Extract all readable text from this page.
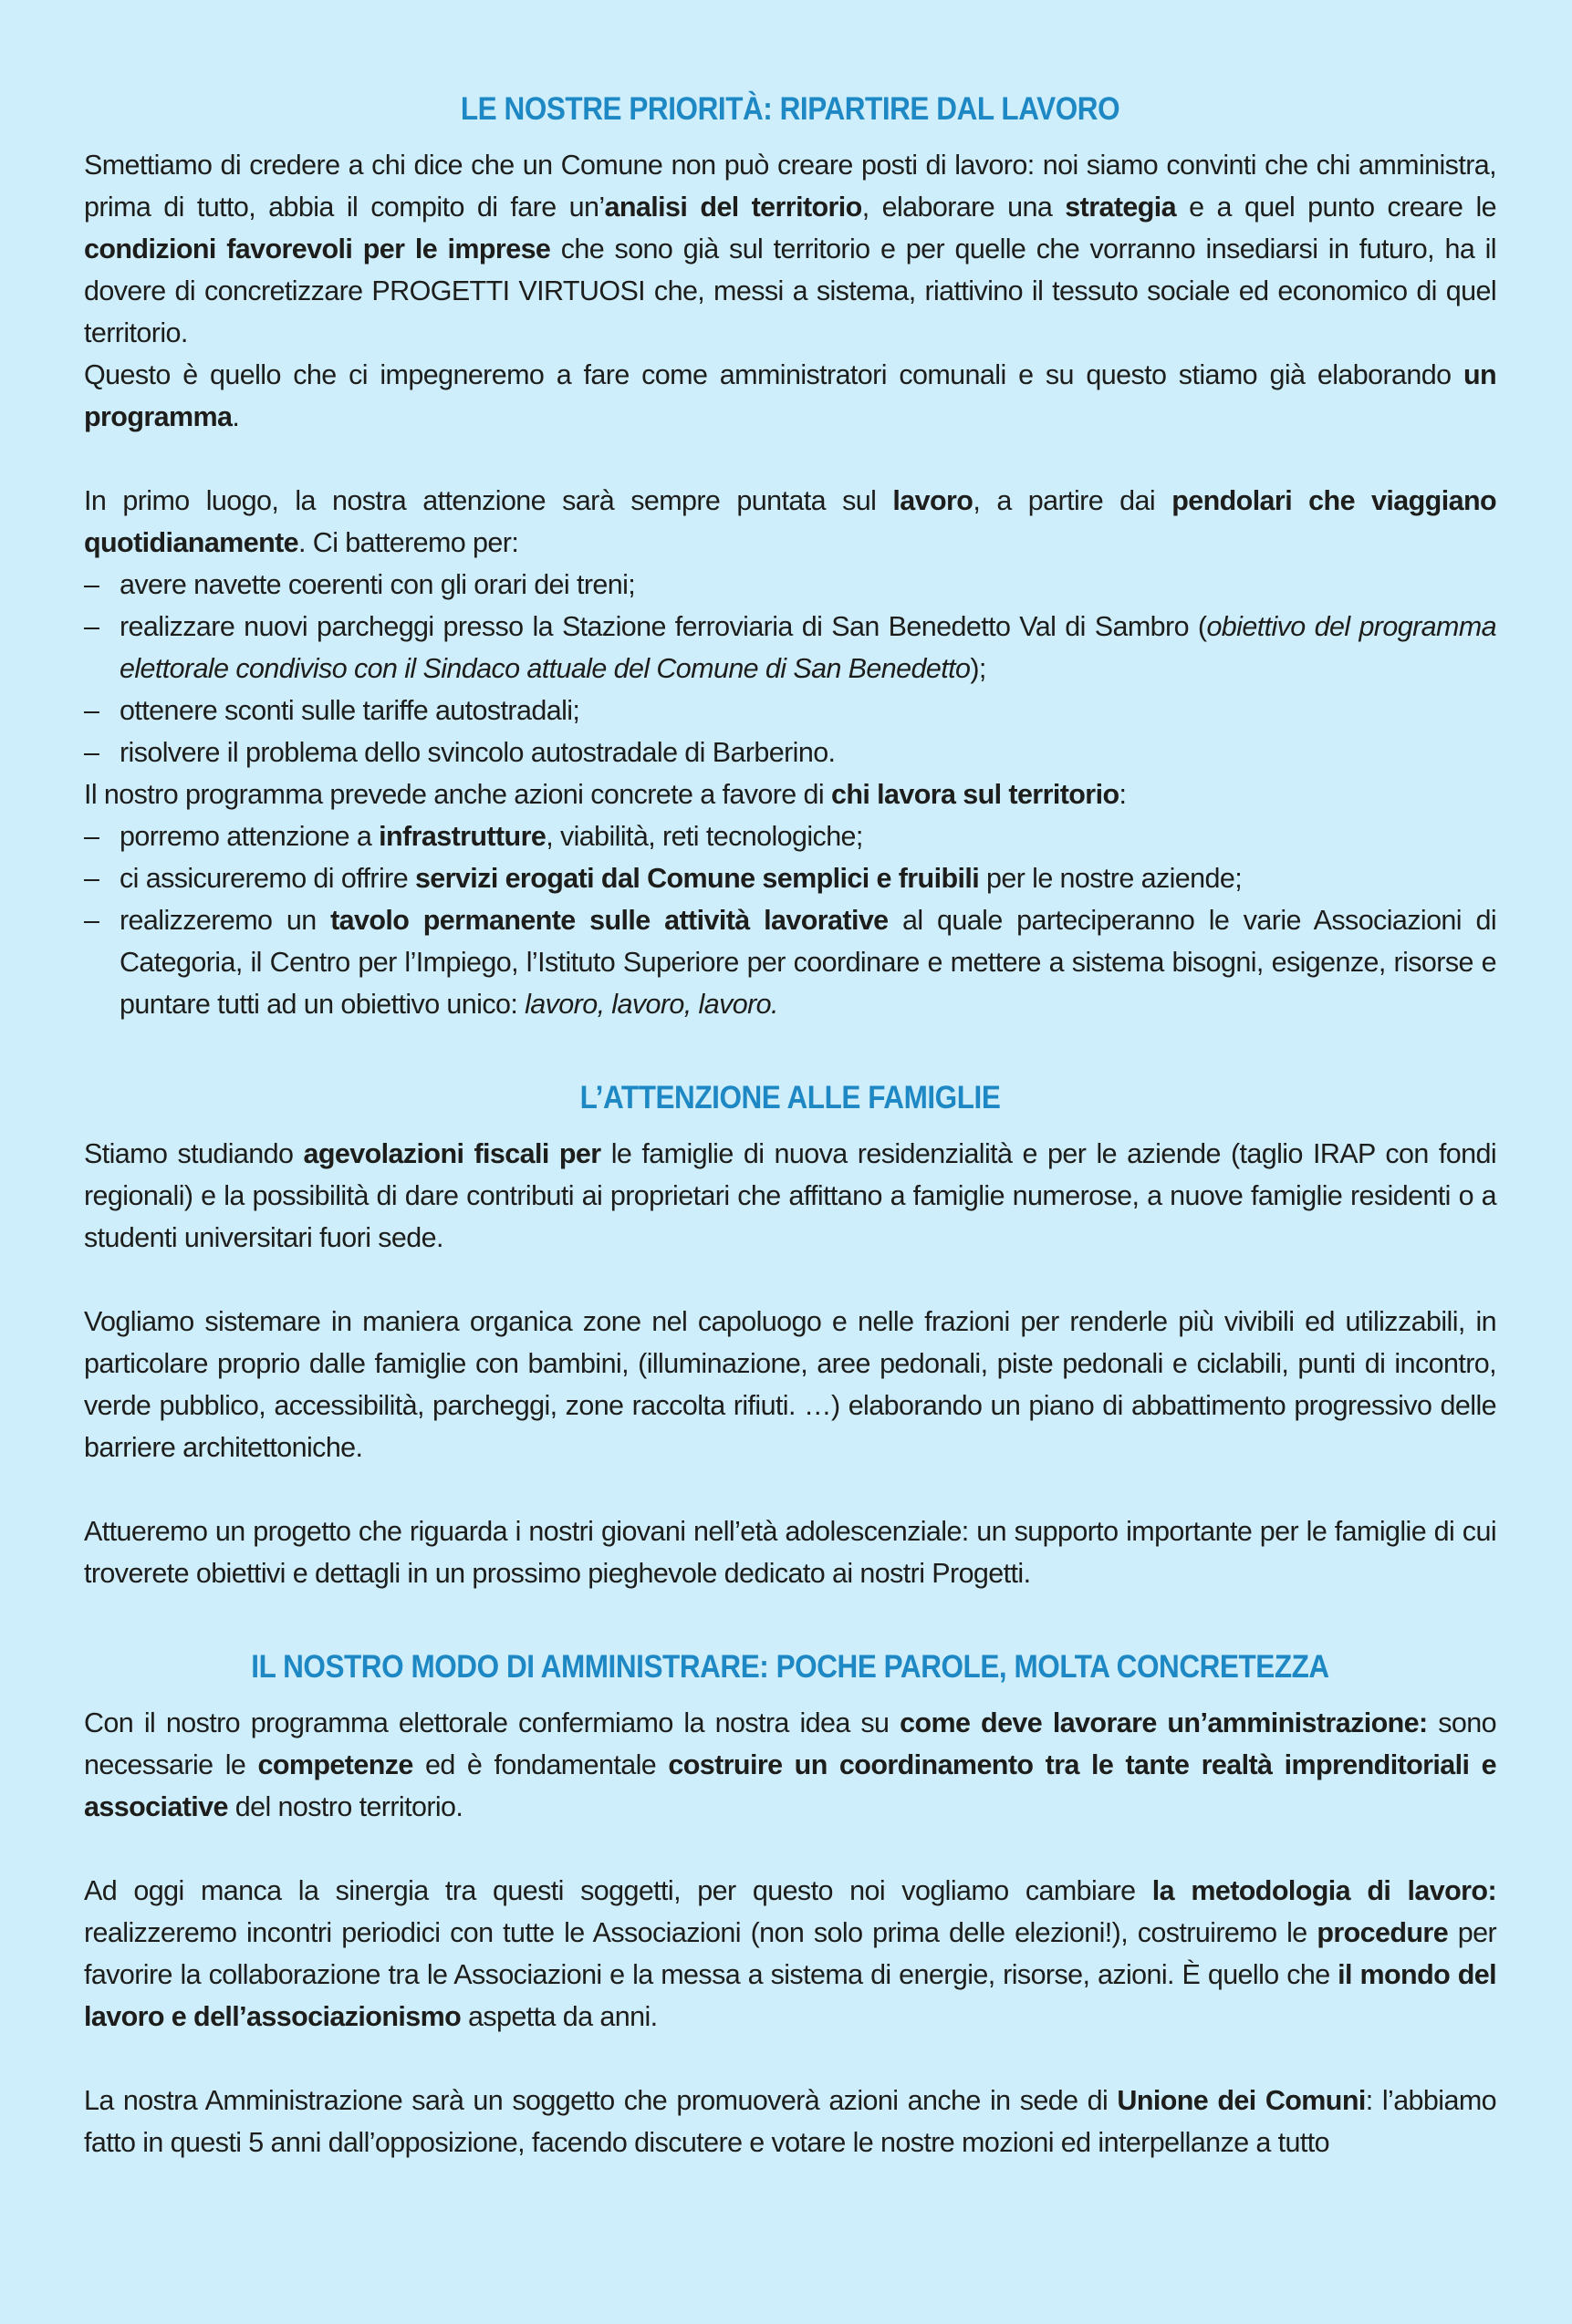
LE NOSTRE PRIORITÀ: RIPARTIRE DAL LAVORO

Smettiamo di credere a chi dice che un Comune non può creare posti di lavoro: noi siamo convinti che chi amministra, prima di tutto, abbia il compito di fare un’analisi del territorio, elaborare una strategia e a quel punto creare le condizioni favorevoli per le imprese che sono già sul territorio e per quelle che vorranno insediarsi in futuro, ha il dovere di concretizzare PROGETTI VIRTUOSI che, messi a sistema, riattivino il tessuto sociale ed economico di quel territorio.

Questo è quello che ci impegneremo a fare come amministratori comunali e su questo stiamo già elaborando un programma.

In primo luogo, la nostra attenzione sarà sempre puntata sul lavoro, a partire dai pendolari che viaggiano quotidianamente. Ci batteremo per:

– avere navette coerenti con gli orari dei treni;
– realizzare nuovi parcheggi presso la Stazione ferroviaria di San Benedetto Val di Sambro (obiettivo del programma elettorale condiviso con il Sindaco attuale del Comune di San Benedetto);
– ottenere sconti sulle tariffe autostradali;
– risolvere il problema dello svincolo autostradale di Barberino.

Il nostro programma prevede anche azioni concrete a favore di chi lavora sul territorio:

– porremo attenzione a infrastrutture, viabilità, reti tecnologiche;
– ci assicureremo di offrire servizi erogati dal Comune semplici e fruibili per le nostre aziende;
– realizzeremo un tavolo permanente sulle attività lavorative al quale parteciperanno le varie Associazioni di Categoria, il Centro per l’Impiego, l’Istituto Superiore per coordinare e mettere a sistema bisogni, esigenze, risorse e puntare tutti ad un obiettivo unico: lavoro, lavoro, lavoro.
L’ATTENZIONE ALLE FAMIGLIE

Stiamo studiando agevolazioni fiscali per le famiglie di nuova residenzialità e per le aziende (taglio IRAP con fondi regionali) e la possibilità di dare contributi ai proprietari che affittano a famiglie numerose, a nuove famiglie residenti o a studenti universitari fuori sede.

Vogliamo sistemare in maniera organica zone nel capoluogo e nelle frazioni per renderle più vivibili ed utilizzabili, in particolare proprio dalle famiglie con bambini, (illuminazione, aree pedonali, piste pedonali e ciclabili, punti di incontro, verde pubblico, accessibilità, parcheggi, zone raccolta rifiuti. …) elaborando un piano di abbattimento progressivo delle barriere architettoniche.

Attueremo un progetto che riguarda i nostri giovani nell’età adolescenziale: un supporto importante per le famiglie di cui troverete obiettivi e dettagli in un prossimo pieghevole dedicato ai nostri Progetti.

IL NOSTRO MODO DI AMMINISTRARE: POCHE PAROLE, MOLTA CONCRETEZZA

Con il nostro programma elettorale confermiamo la nostra idea su come deve lavorare un’amministrazione: sono necessarie le competenze ed è fondamentale costruire un coordinamento tra le tante realtà imprenditoriali e associative del nostro territorio.

Ad oggi manca la sinergia tra questi soggetti, per questo noi vogliamo cambiare la metodologia di lavoro: realizzeremo incontri periodici con tutte le Associazioni (non solo prima delle elezioni!), costruiremo le procedure per favorire la collaborazione tra le Associazioni e la messa a sistema di energie, risorse, azioni. È quello che il mondo del lavoro e dell’associazionismo aspetta da anni.

La nostra Amministrazione sarà un soggetto che promuoverà azioni anche in sede di Unione dei Comuni: l’abbiamo fatto in questi 5 anni dall’opposizione, facendo discutere e votare le nostre mozioni ed interpellanze a tutto
